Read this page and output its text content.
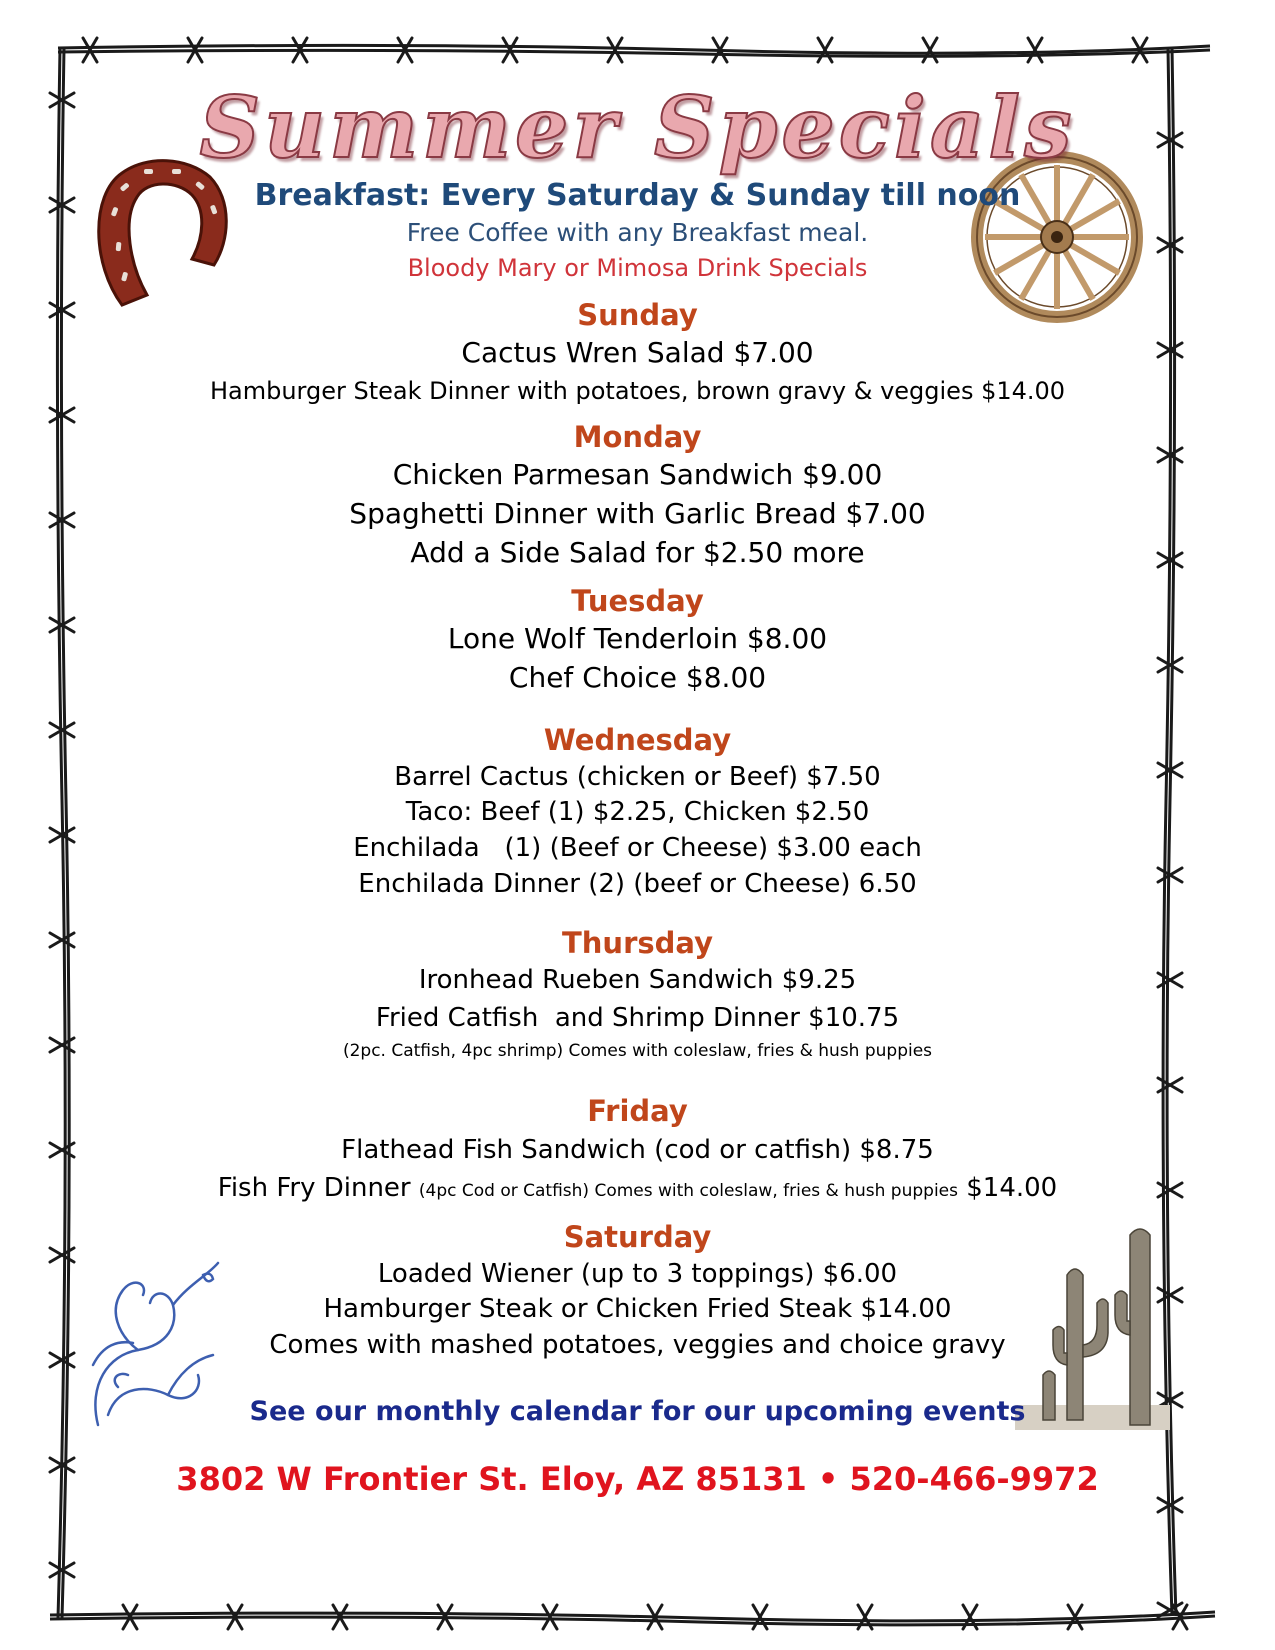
Summer Specials
Breakfast: Every Saturday & Sunday till noon
Free Coffee with any Breakfast meal.
Bloody Mary or Mimosa Drink Specials
Sunday
Cactus Wren Salad $7.00
Hamburger Steak Dinner with potatoes, brown gravy & veggies $14.00
Monday
Chicken Parmesan Sandwich $9.00
Spaghetti Dinner with Garlic Bread $7.00
Add a Side Salad for $2.50 more
Tuesday
Lone Wolf Tenderloin $8.00
Chef Choice $8.00
Wednesday
Barrel Cactus (chicken or Beef) $7.50
Taco: Beef (1) $2.25, Chicken $2.50
Enchilada   (1) (Beef or Cheese) $3.00 each
Enchilada Dinner (2) (beef or Cheese) 6.50
Thursday
Ironhead Rueben Sandwich $9.25
Fried Catfish  and Shrimp Dinner $10.75
(2pc. Catfish, 4pc shrimp) Comes with coleslaw, fries & hush puppies
Friday
Flathead Fish Sandwich (cod or catfish) $8.75
Fish Fry Dinner (4pc Cod or Catfish) Comes with coleslaw, fries & hush puppies $14.00
Saturday
Loaded Wiener (up to 3 toppings) $6.00
Hamburger Steak or Chicken Fried Steak $14.00
Comes with mashed potatoes, veggies and choice gravy
See our monthly calendar for our upcoming events
3802 W Frontier St. Eloy, AZ 85131 • 520-466-9972
